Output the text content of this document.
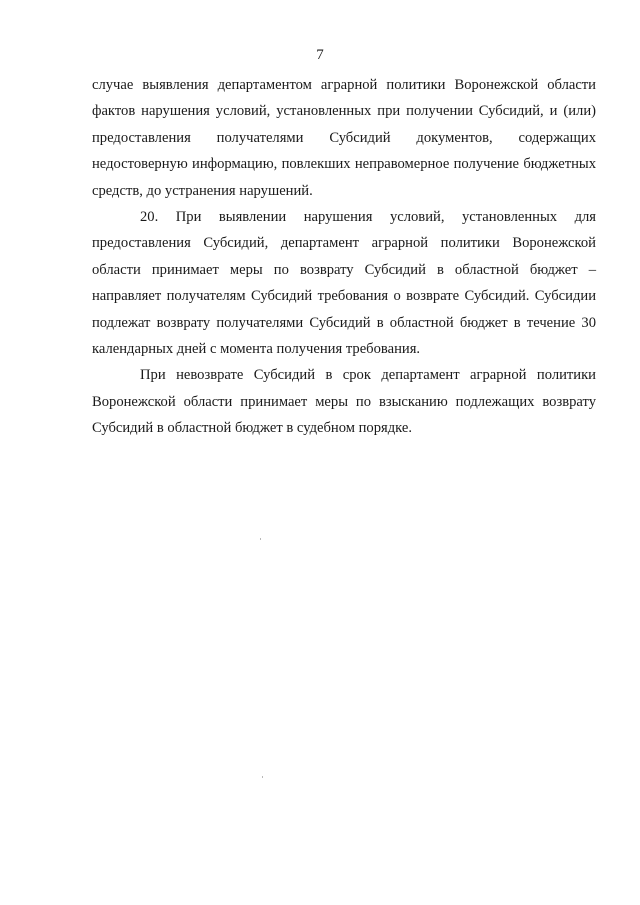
7

случае выявления департаментом аграрной политики Воронежской области фактов нарушения условий, установленных при получении Субсидий, и (или) предоставления получателями Субсидий документов, содержащих недостоверную информацию, повлекших неправомерное получение бюджетных средств, до устранения нарушений.

20. При выявлении нарушения условий, установленных для предоставления Субсидий, департамент аграрной политики Воронежской области принимает меры по возврату Субсидий в областной бюджет – направляет получателям Субсидий требования о возврате Субсидий. Субсидии подлежат возврату получателями Субсидий в областной бюджет в течение 30 календарных дней с момента получения требования.

При невозврате Субсидий в срок департамент аграрной политики Воронежской области принимает меры по взысканию подлежащих возврату Субсидий в областной бюджет в судебном порядке.
